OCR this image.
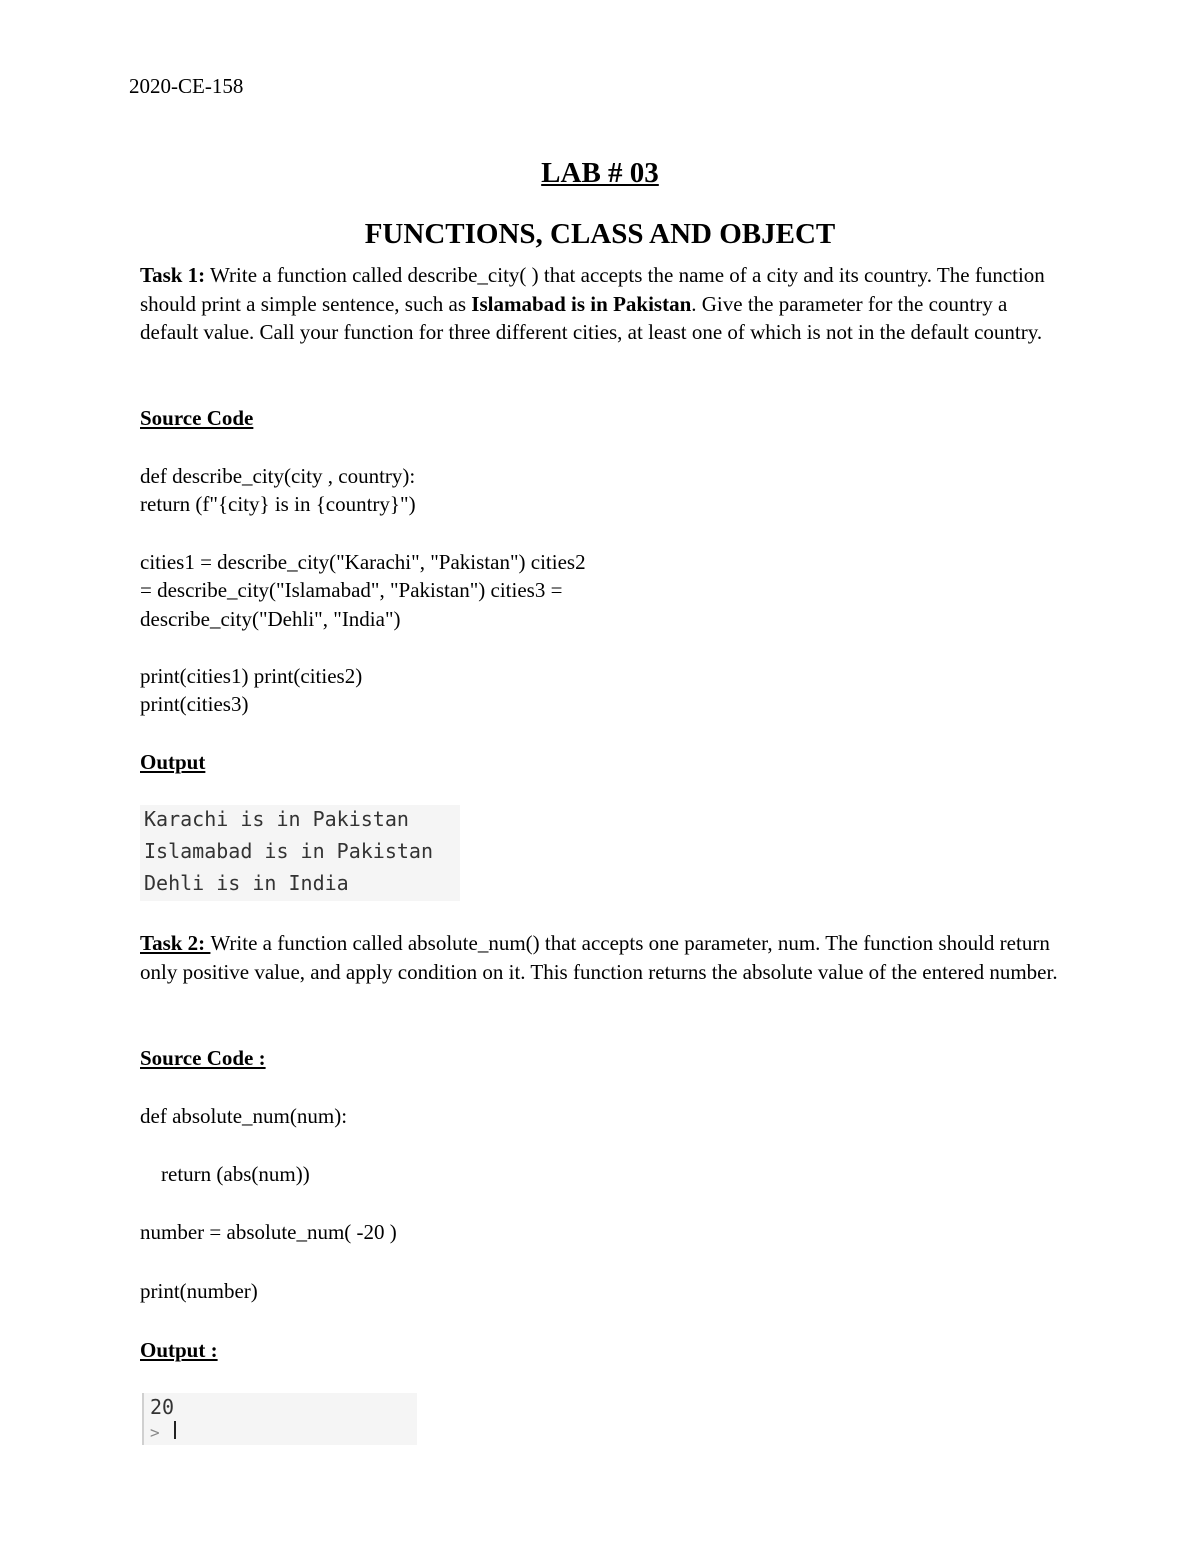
2020-CE-158
LAB # 03
FUNCTIONS, CLASS AND OBJECT
Task 1: Write a function called describe_city( ) that accepts the name of a city and its country. The function should print a simple sentence, such as Islamabad is in Pakistan. Give the parameter for the country a default value. Call your function for three different cities, at least one of which is not in the default country.
Source Code
def describe_city(city , country):
return (f"{city} is in {country}")
cities1 = describe_city("Karachi", "Pakistan") cities2
= describe_city("Islamabad", "Pakistan") cities3 =
describe_city("Dehli", "India")
print(cities1) print(cities2)
print(cities3)
Output
Karachi is in Pakistan
Islamabad is in Pakistan
Dehli is in India
Task 2: Write a function called absolute_num() that accepts one parameter, num. The function should return only positive value, and apply condition on it. This function returns the absolute value of the entered number.
Source Code :
def absolute_num(num):
return (abs(num))
number = absolute_num( -20 )
print(number)
Output :
20
>
